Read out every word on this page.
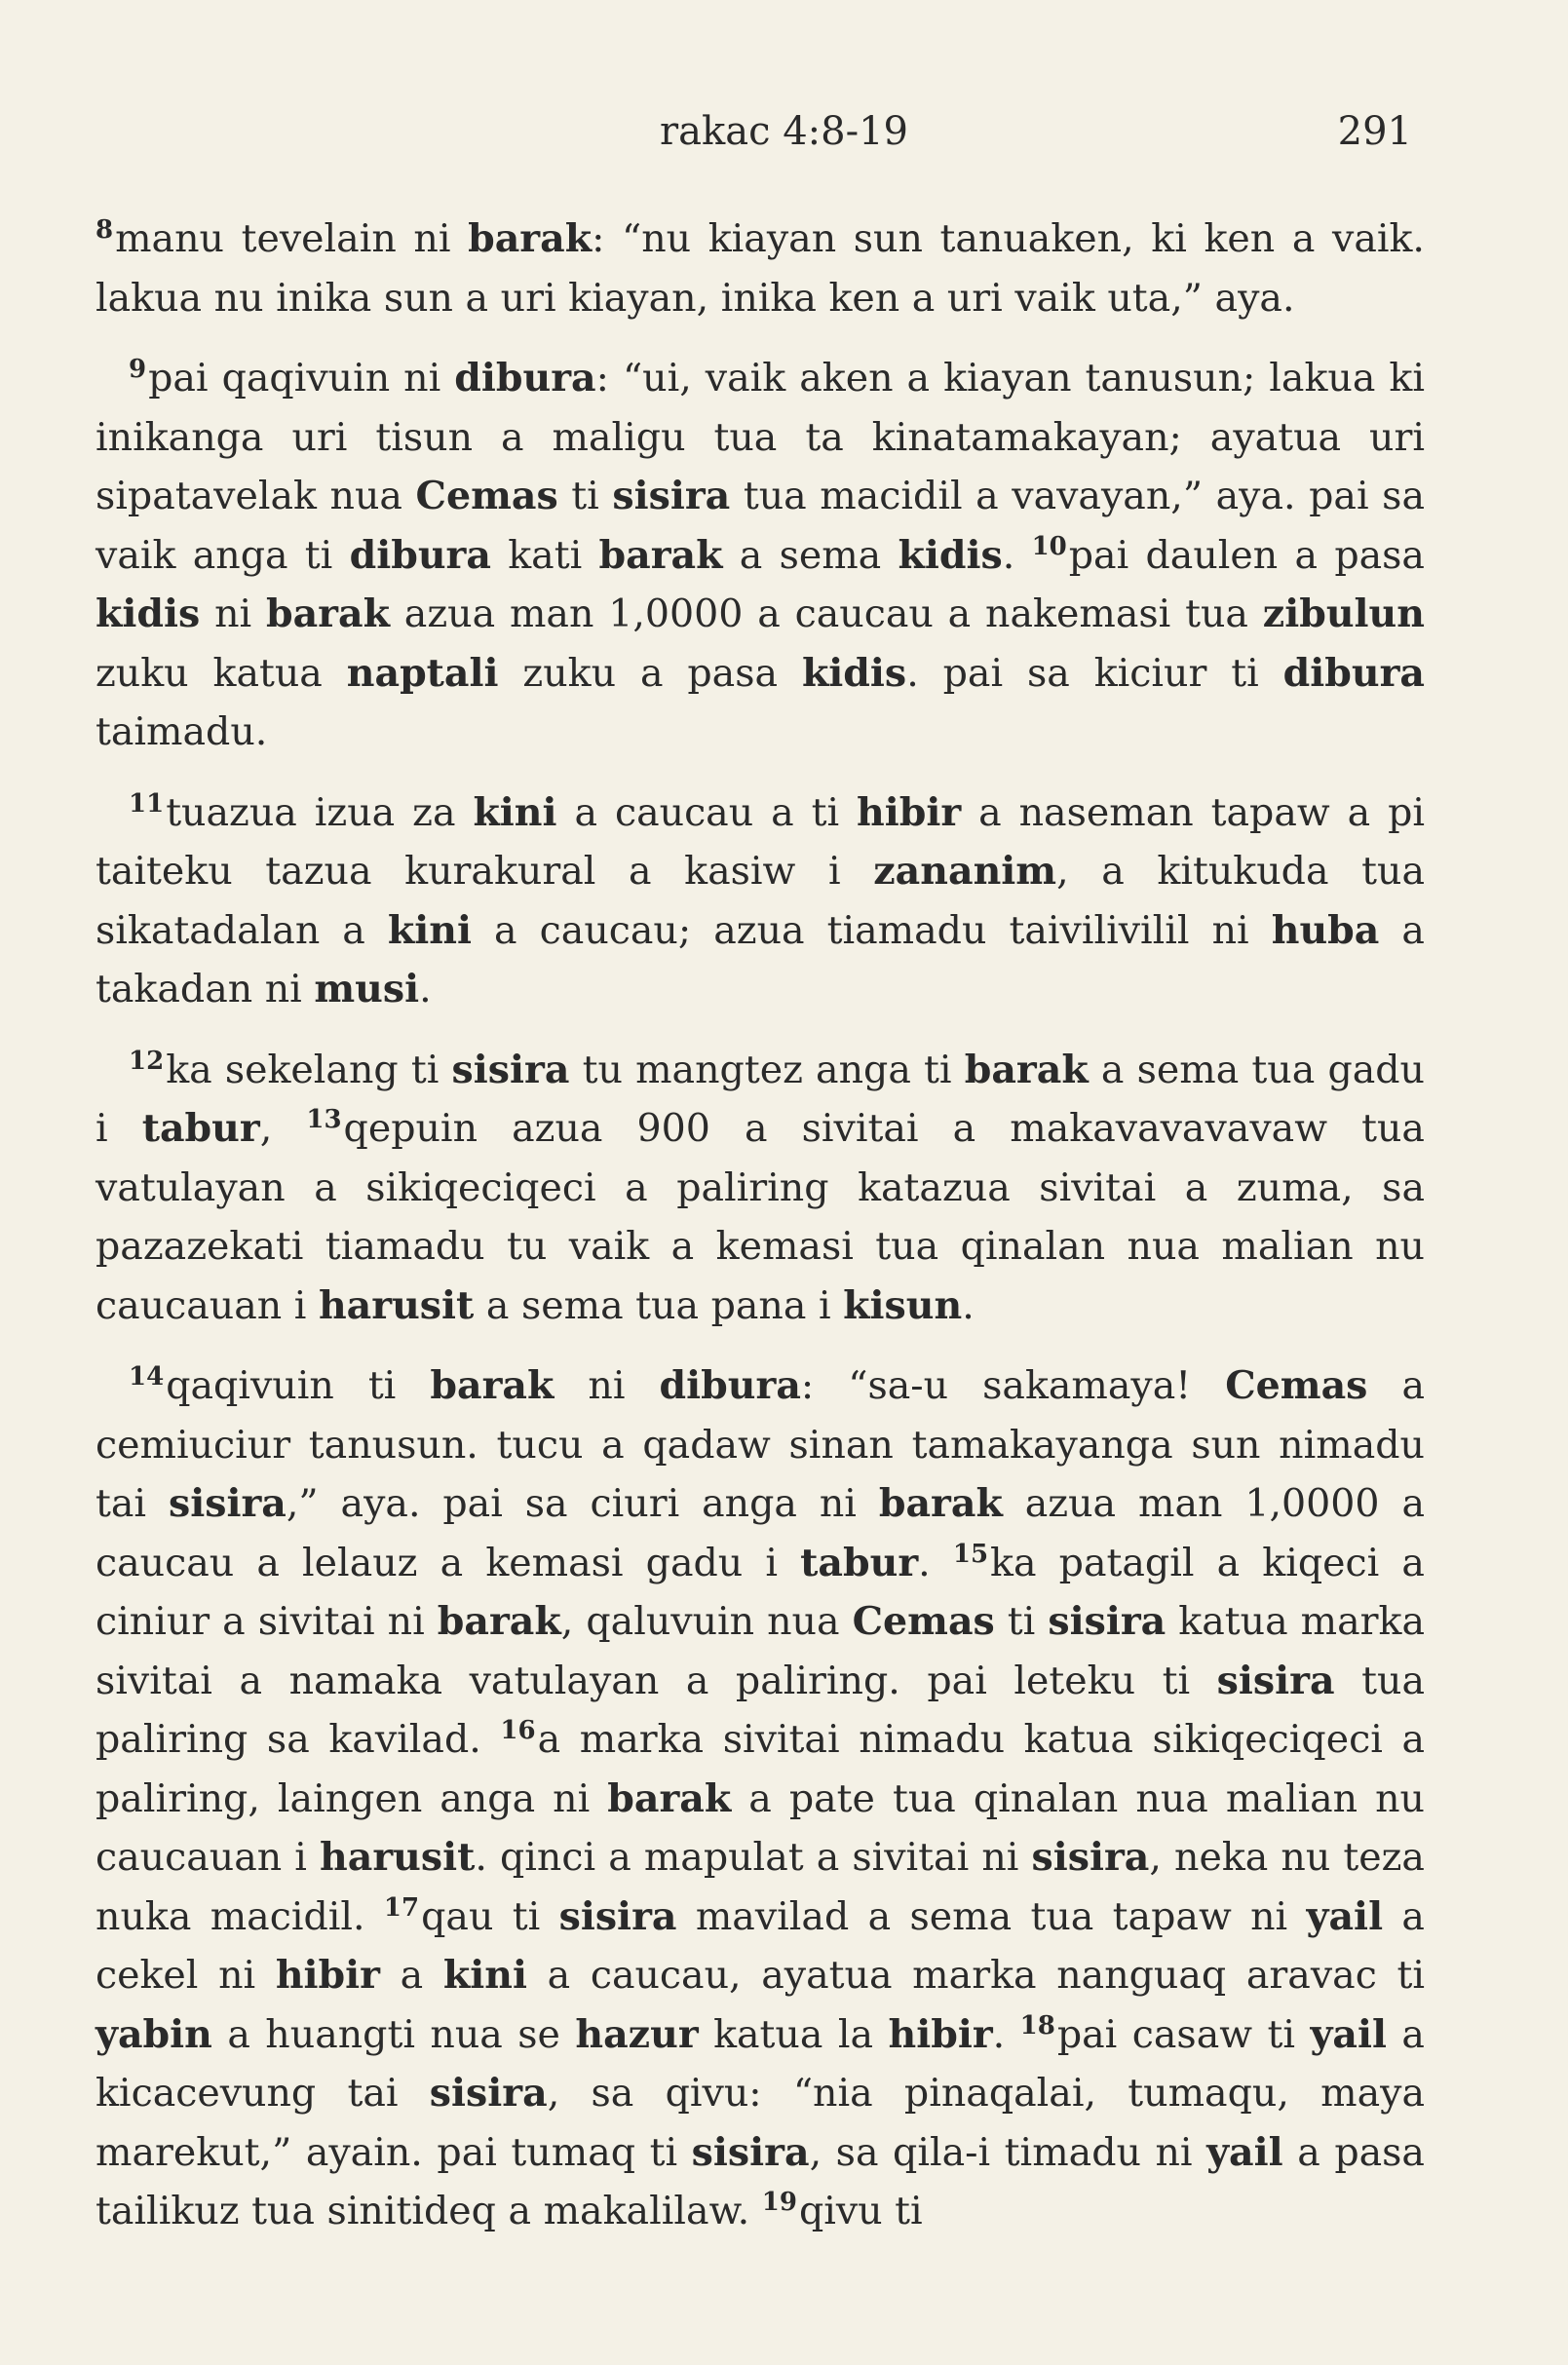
rakac 4:8-19	291

$^8$manu tevelain ni barak: “nu kiayan sun tanuaken, ki ken a vaik. lakua nu inika sun a uri kiayan, inika ken a uri vaik uta,” aya.

$^9$pai qaqivuin ni dibura: “ui, vaik aken a kiayan tanusun; lakua ki inikanga uri tisun a maligu tua ta kinatamakayan; ayatua uri sipatavelak nua Cemas ti sisira tua macidil a vavayan,” aya. pai sa vaik anga ti dibura kati barak a sema kidis. $^{10}$pai daulen a pasa kidis ni barak azua man 1,0000 a caucau a nakemasi tua zibulun zuku katua naptali zuku a pasa kidis. pai sa kiciur ti dibura taimadu.

$^{11}$tuazua izua za kini a caucau a ti hibir a naseman tapaw a pi taiteku tazua kurakural a kasiw i zananim, a kitukuda tua sikatadalan a kini a caucau; azua tiamadu taivilivilil ni huba a takadan ni musi.

$^{12}$ka sekelang ti sisira tu mangtez anga ti barak a sema tua gadu i tabur, $^{13}$qepuin azua 900 a sivitai a makavavavavaw tua vatulayan a sikiqeciqeci a paliring katazua sivitai a zuma, sa pazazekati tiamadu tu vaik a kemasi tua qinalan nua malian nu caucauan i harusit a sema tua pana i kisun.

$^{14}$qaqivuin ti barak ni dibura: “sa-u sakamaya! Cemas a cemiuciur tanusun. tucu a qadaw sinan tamakayanga sun nimadu tai sisira,” aya. pai sa ciuri anga ni barak azua man 1,0000 a caucau a lelauz a kemasi gadu i tabur. $^{15}$ka patagil a kiqeci a ciniur a sivitai ni barak, qaluvuin nua Cemas ti sisira katua marka sivitai a namaka vatulayan a paliring. pai leteku ti sisira tua paliring sa kavilad. $^{16}$a marka sivitai nimadu katua sikiqeciqeci a paliring, laingen anga ni barak a pate tua qinalan nua malian nu caucauan i harusit. qinci a mapulat a sivitai ni sisira, neka nu teza nuka macidil. $^{17}$qau ti sisira mavilad a sema tua tapaw ni yail a cekel ni hibir a kini a caucau, ayatua marka nanguaq aravac ti yabin a huangti nua se hazur katua la hibir. $^{18}$pai casaw ti yail a kicacevung tai sisira, sa qivu: “nia pinaqalai, tumaqu, maya marekut,” ayain. pai tumaq ti sisira, sa qila-i timadu ni yail a pasa tailikuz tua sinitideq a makalilaw. $^{19}$qivu ti
